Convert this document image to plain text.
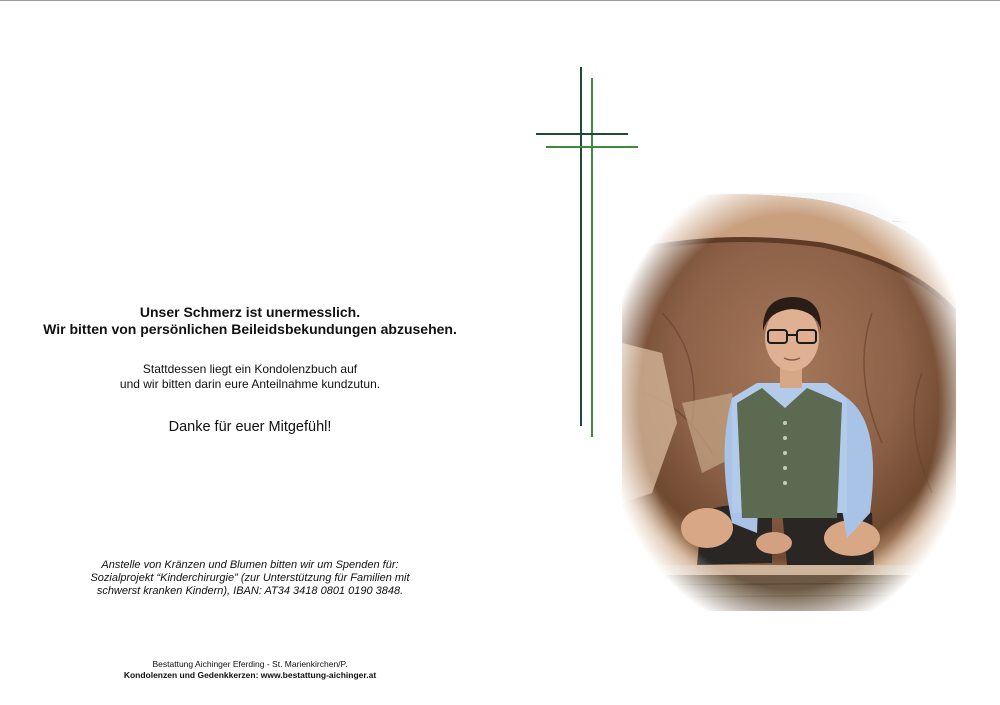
Unser Schmerz ist unermesslich.
Wir bitten von persönlichen Beileidsbekundungen abzusehen.
Stattdessen liegt ein Kondolenzbuch auf
und wir bitten darin eure Anteilnahme kundzutun.
Danke für euer Mitgefühl!
Anstelle von Kränzen und Blumen bitten wir um Spenden für:
Sozialprojekt “Kinderchirurgie” (zur Unterstützung für Familien mit
schwerst kranken Kindern), IBAN: AT34 3418 0801 0190 3848.
Bestattung Aichinger Eferding - St. Marienkirchen/P.
Kondolenzen und Gedenkkerzen: www.bestattung-aichinger.at
